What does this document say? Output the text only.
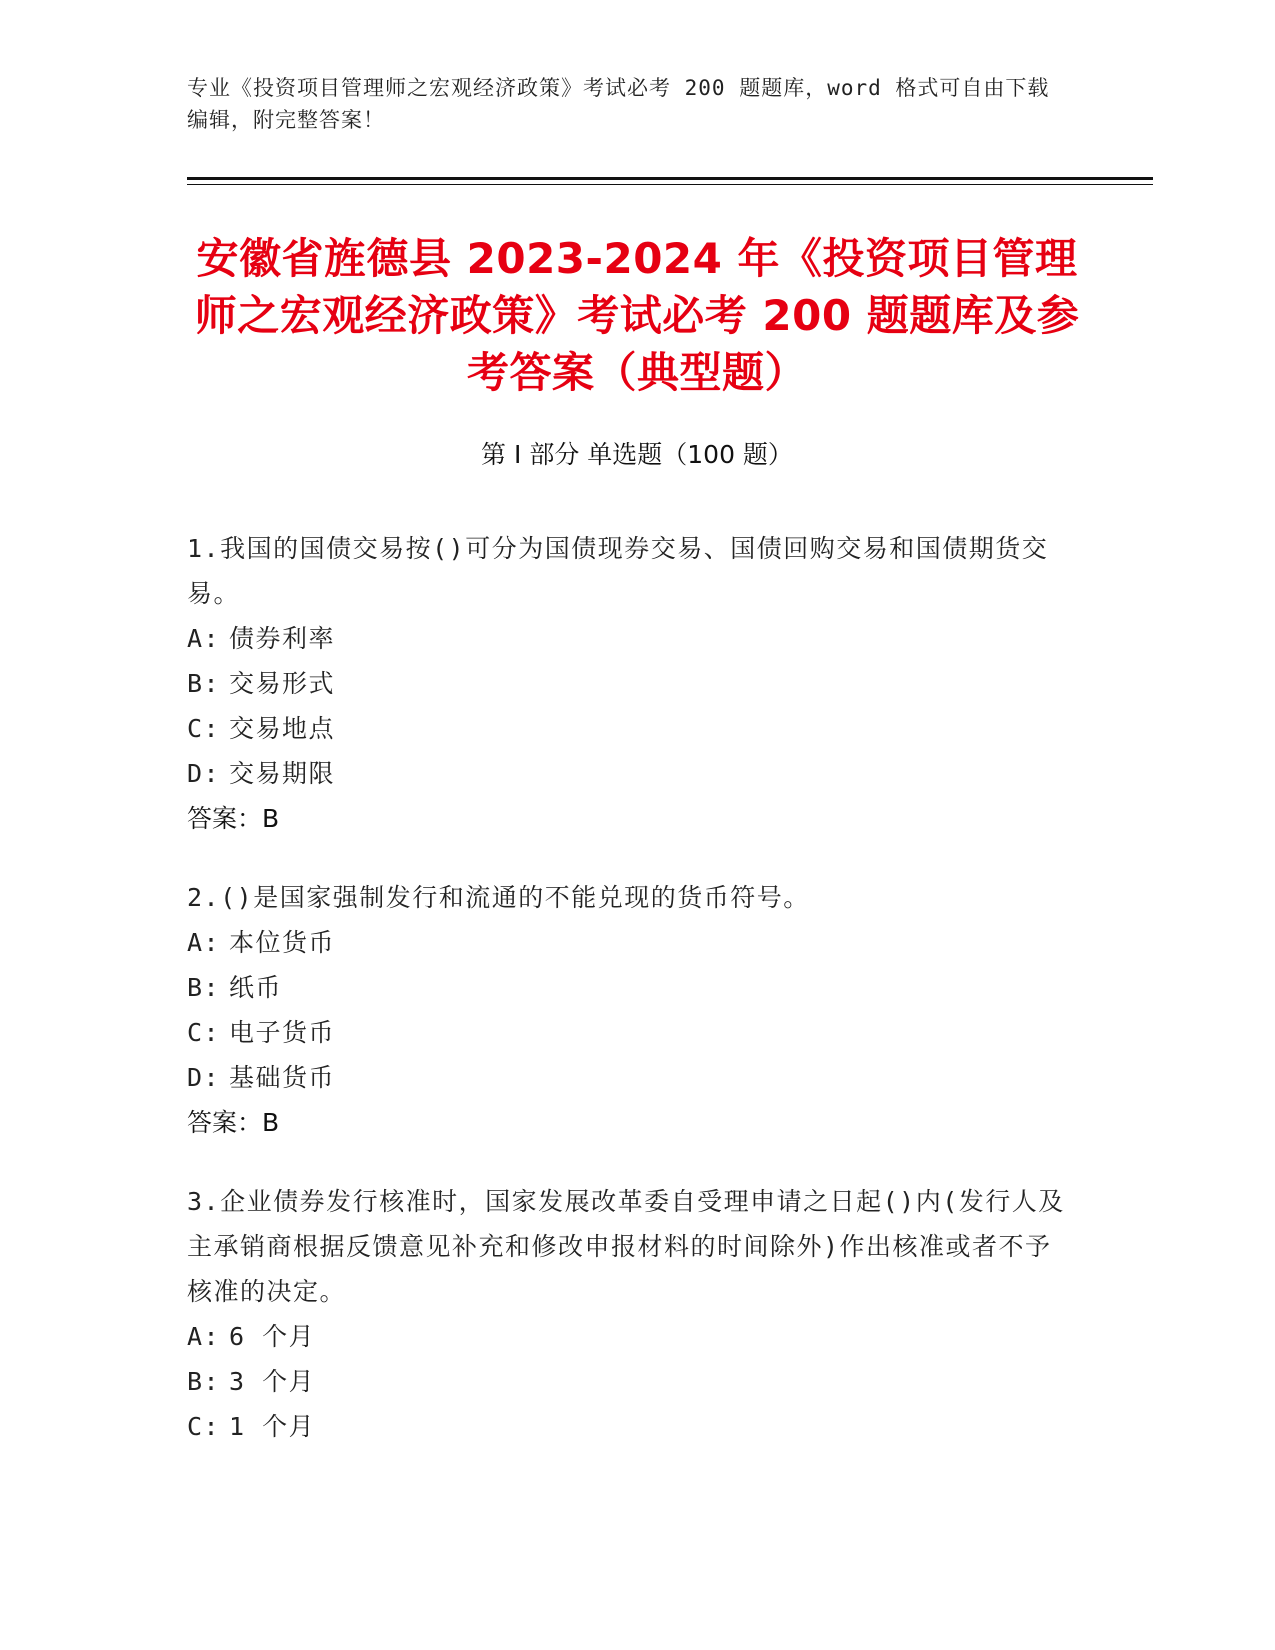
专业《投资项目管理师之宏观经济政策》考试必考 200 题题库，word 格式可自由下载编辑，附完整答案！
安徽省旌德县 2023-2024 年《投资项目管理师之宏观经济政策》考试必考 200 题题库及参考答案（典型题）
第 I 部分 单选题（100 题）
1.我国的国债交易按()可分为国债现券交易、国债回购交易和国债期货交易。
A: 债券利率
B: 交易形式
C: 交易地点
D: 交易期限
答案：B
2.()是国家强制发行和流通的不能兑现的货币符号。
A: 本位货币
B: 纸币
C: 电子货币
D: 基础货币
答案：B
3.企业债券发行核准时，国家发展改革委自受理申请之日起()内(发行人及主承销商根据反馈意见补充和修改申报材料的时间除外)作出核准或者不予核准的决定。
A: 6 个月
B: 3 个月
C: 1 个月
